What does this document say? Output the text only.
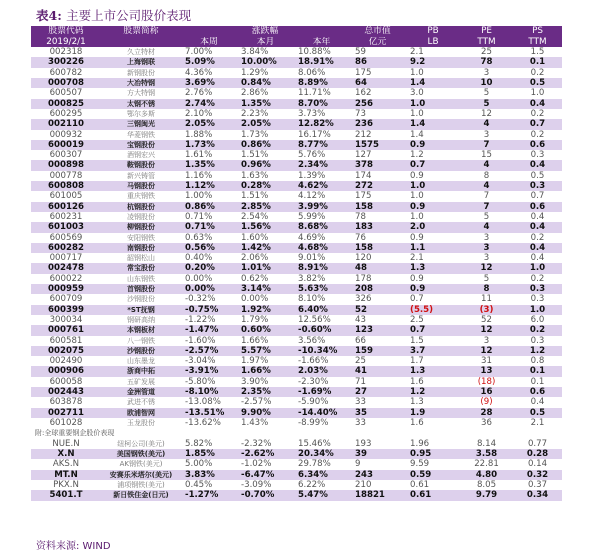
表4: 主要上市公司股价表现
股票代码	股票简称	涨跌幅			总市值	PB	PE	PS
2019/2/1		本周	本月	本年	亿元	LB	TTM	TTM
002318	久立特材	7.00%	3.84%	10.88%	59	2.1	25	1.5
300226	上海钢联	5.09%	10.00%	18.91%	86	9.2	78	0.1
600782	新钢股份	4.36%	1.29%	8.06%	175	1.0	3	0.2
000708	大冶特钢	3.69%	0.84%	8.89%	64	1.4	10	0.5
600507	方大特钢	2.76%	2.86%	11.71%	162	3.0	5	1.0
000825	太钢不锈	2.74%	1.35%	8.70%	256	1.0	5	0.4
600295	鄂尔多斯	2.10%	2.23%	3.73%	73	1.0	12	0.2
002110	三钢闽光	2.05%	2.05%	12.82%	236	1.4	4	0.7
000932	华菱钢铁	1.88%	1.73%	16.17%	212	1.4	3	0.2
600019	宝钢股份	1.73%	0.86%	8.77%	1575	0.9	7	0.6
600307	酒钢宏兴	1.61%	1.51%	5.76%	127	1.2	15	0.3
000898	鞍钢股份	1.35%	0.96%	2.34%	378	0.7	4	0.4
000778	新兴铸管	1.16%	1.63%	1.39%	174	0.9	8	0.5
600808	马钢股份	1.12%	0.28%	4.62%	272	1.0	4	0.3
601005	重庆钢铁	1.00%	1.51%	4.12%	175	1.0	7	0.7
600126	杭钢股份	0.86%	2.85%	3.99%	158	0.9	7	0.6
600231	凌钢股份	0.71%	2.54%	5.99%	78	1.0	5	0.4
601003	柳钢股份	0.71%	1.56%	8.68%	183	2.0	4	0.4
600569	安阳钢铁	0.63%	1.60%	4.69%	76	0.9	3	0.2
600282	南钢股份	0.56%	1.42%	4.68%	158	1.1	3	0.4
000717	韶钢松山	0.40%	2.06%	9.01%	120	2.1	3	0.4
002478	常宝股份	0.20%	1.01%	8.91%	48	1.3	12	1.0
600022	山东钢铁	0.00%	0.62%	3.82%	178	0.9	5	0.2
000959	首钢股份	0.00%	3.14%	5.63%	208	0.9	8	0.3
600709	沙钢股份	-0.32%	0.00%	8.10%	326	0.7	11	0.3
600399	*ST抚钢	-0.75%	1.92%	6.40%	52	(5.5)	(3)	1.0
300034	钢研高纳	-1.22%	1.79%	12.56%	43	2.5	52	6.0
000761	本钢板材	-1.47%	0.60%	-0.60%	123	0.7	12	0.2
600581	八一钢铁	-1.60%	1.66%	3.56%	66	1.5	3	0.3
002075	沙钢股份	-2.57%	5.57%	-10.34%	159	3.7	12	1.2
002490	山东墨龙	-3.04%	1.97%	-1.66%	25	1.7	31	0.8
000906	浙商中拓	-3.91%	1.66%	2.03%	41	1.3	13	0.1
600058	五矿发展	-5.80%	3.90%	-2.30%	71	1.6	(18)	0.1
002443	金洲管道	-8.10%	2.35%	-1.69%	27	1.2	16	0.6
603878	武进不锈	-13.08%	-2.57%	-5.90%	33	1.3	(9)	0.4
002711	欧浦智网	-13.51%	9.90%	-14.40%	35	1.9	28	0.5
601028	玉龙股份	-13.62%	1.43%	-8.99%	33	1.6	36	2.1
附:全球重要钢企股价表现								
NUE.N	纽柯公司(美元)	5.82%	-2.32%	15.46%	193	1.96	8.14	0.77
X.N	美国钢铁(美元)	1.85%	-2.62%	20.34%	39	0.95	3.58	0.28
AKS.N	AK钢铁(美元)	5.00%	-1.02%	29.78%	9	9.59	22.81	0.14
MT.N	安赛乐米塔尔(美元)	3.83%	-6.47%	6.34%	243	0.59	4.80	0.32
PKX.N	浦项钢铁(美元)	0.45%	-3.09%	6.22%	210	0.61	8.05	0.37
5401.T	新日铁住金(日元)	-1.27%	-0.70%	5.47%	18821	0.61	9.79	0.34
资料来源: WIND
